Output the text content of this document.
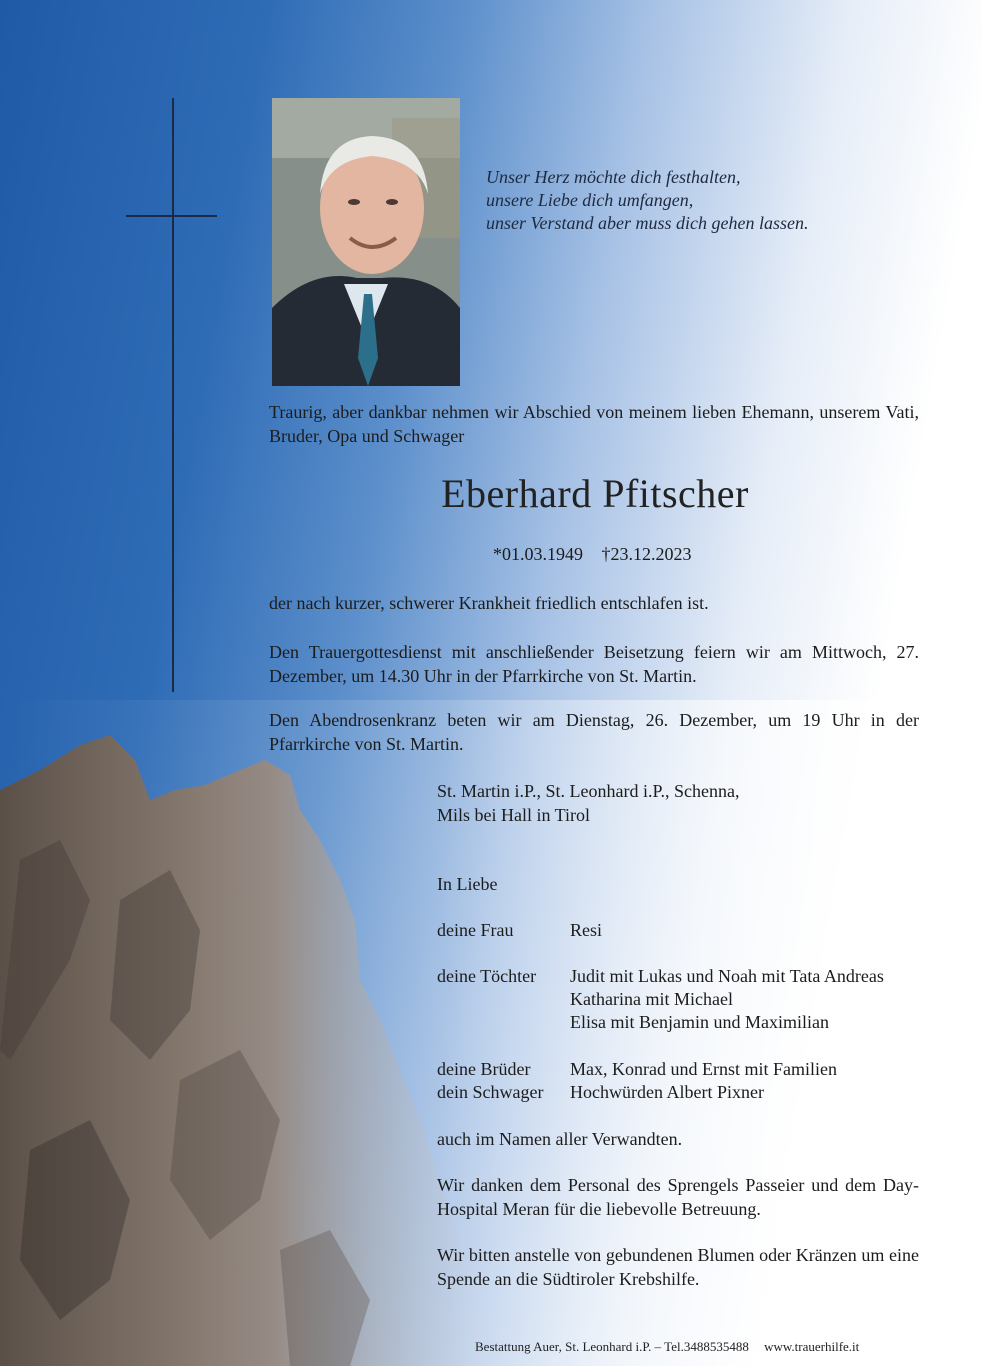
Unser Herz möchte dich festhalten,
unsere Liebe dich umfangen,
unser Verstand aber muss dich gehen lassen.
Traurig, aber dankbar nehmen wir Abschied von meinem lieben Ehemann, unserem Vati, Bruder, Opa und Schwager
Eberhard Pfitscher
*01.03.1949 †23.12.2023
der nach kurzer, schwerer Krankheit friedlich entschlafen ist.
Den Trauergottesdienst mit anschließender Beisetzung feiern wir am Mittwoch, 27. Dezember, um 14.30 Uhr in der Pfarrkirche von St. Martin.
Den Abendrosenkranz beten wir am Dienstag, 26. Dezember, um 19 Uhr in der Pfarrkirche von St. Martin.
St. Martin i.P., St. Leonhard i.P., Schenna,
Mils bei Hall in Tirol
In Liebe
deine Frau	Resi
deine Töchter Judit mit Lukas und Noah mit Tata Andreas
Katharina mit Michael
Elisa mit Benjamin und Maximilian
deine Brüder Max, Konrad und Ernst mit Familien
dein Schwager Hochwürden Albert Pixner
auch im Namen aller Verwandten.
Wir danken dem Personal des Sprengels Passeier und dem Day-Hospital Meran für die liebevolle Betreuung.
Wir bitten anstelle von gebundenen Blumen oder Kränzen um eine Spende an die Südtiroler Krebshilfe.
Bestattung Auer, St. Leonhard i.P. – Tel.3488535488 www.trauerhilfe.it
